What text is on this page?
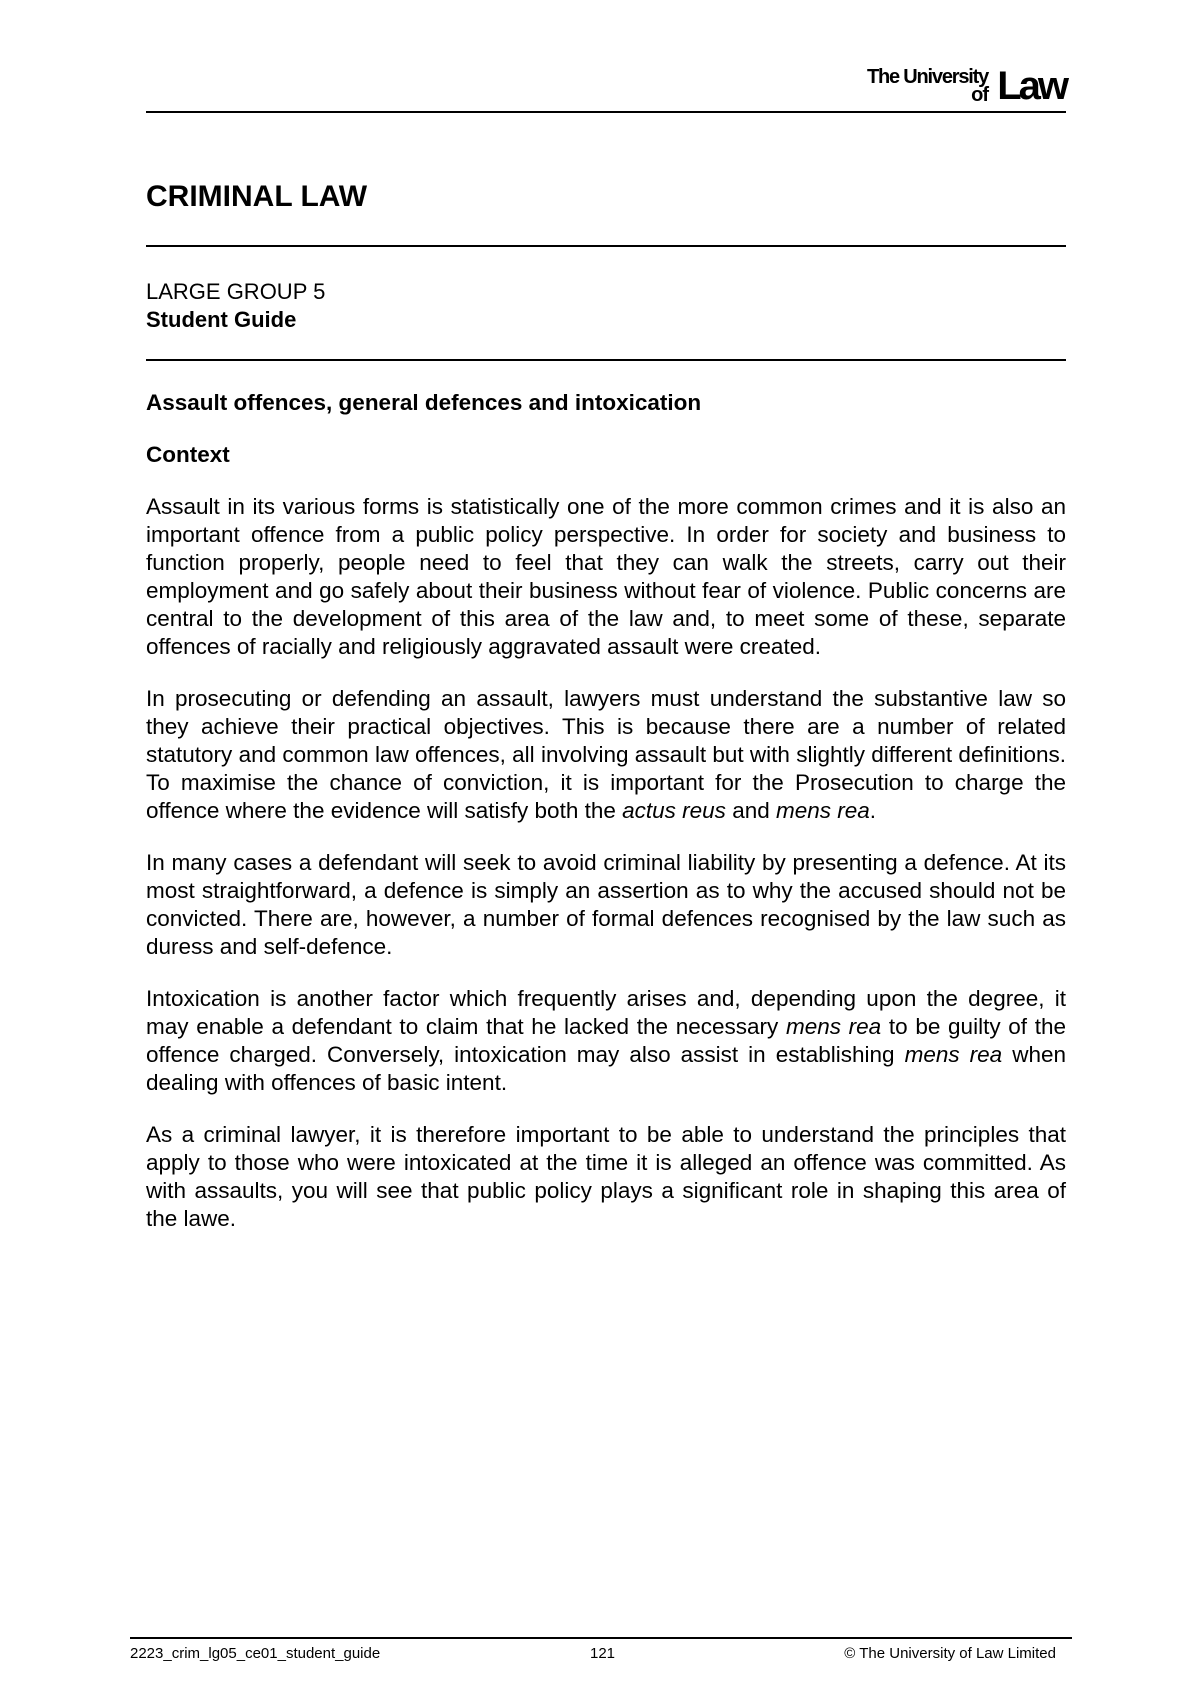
The University
of Law
CRIMINAL LAW
LARGE GROUP 5
Student Guide
Assault offences, general defences and intoxication
Context

Assault in its various forms is statistically one of the more common crimes and it is also an important offence from a public policy perspective. In order for society and business to function properly, people need to feel that they can walk the streets, carry out their employment and go safely about their business without fear of violence. Public concerns are central to the development of this area of the law and, to meet some of these, separate offences of racially and religiously aggravated assault were created.

In prosecuting or defending an assault, lawyers must understand the substantive law so they achieve their practical objectives. This is because there are a number of related statutory and common law offences, all involving assault but with slightly different definitions. To maximise the chance of conviction, it is important for the Prosecution to charge the offence where the evidence will satisfy both the actus reus and mens rea.

In many cases a defendant will seek to avoid criminal liability by presenting a defence. At its most straightforward, a defence is simply an assertion as to why the accused should not be convicted. There are, however, a number of formal defences recognised by the law such as duress and self-defence.

Intoxication is another factor which frequently arises and, depending upon the degree, it may enable a defendant to claim that he lacked the necessary mens rea to be guilty of the offence charged. Conversely, intoxication may also assist in establishing mens rea when dealing with offences of basic intent.

As a criminal lawyer, it is therefore important to be able to understand the principles that apply to those who were intoxicated at the time it is alleged an offence was committed. As with assaults, you will see that public policy plays a significant role in shaping this area of the lawe.

2223_crim_lg05_ce01_student_guide	121	© The University of Law Limited
